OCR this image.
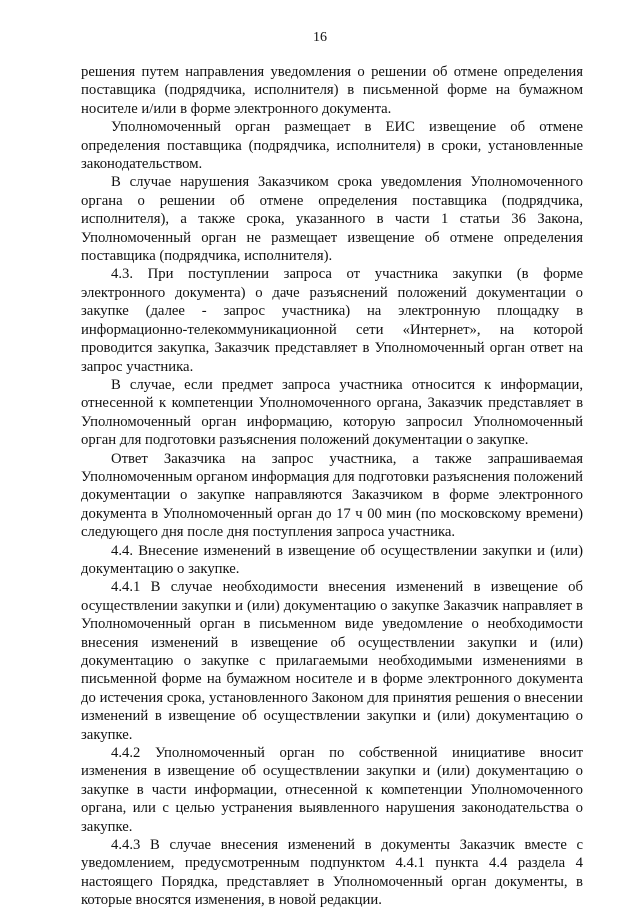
16

решения путем направления уведомления о решении об отмене определения поставщика (подрядчика, исполнителя) в письменной форме на бумажном носителе и/или в форме электронного документа.

Уполномоченный орган размещает в ЕИС извещение об отмене определения поставщика (подрядчика, исполнителя) в сроки, установленные законодательством.

В случае нарушения Заказчиком срока уведомления Уполномоченного органа о решении об отмене определения поставщика (подрядчика, исполнителя), а также срока, указанного в части 1 статьи 36 Закона, Уполномоченный орган не размещает извещение об отмене определения поставщика (подрядчика, исполнителя).

4.3. При поступлении запроса от участника закупки (в форме электронного документа) о даче разъяснений положений документации о закупке (далее - запрос участника) на электронную площадку в информационно-телекоммуникационной сети «Интернет», на которой проводится закупка, Заказчик представляет в Уполномоченный орган ответ на запрос участника.

В случае, если предмет запроса участника относится к информации, отнесенной к компетенции Уполномоченного органа, Заказчик представляет в Уполномоченный орган информацию, которую запросил Уполномоченный орган для подготовки разъяснения положений документации о закупке.

Ответ Заказчика на запрос участника, а также запрашиваемая Уполномоченным органом информация для подготовки разъяснения положений документации о закупке направляются Заказчиком в форме электронного документа в Уполномоченный орган до 17 ч 00 мин (по московскому времени) следующего дня после дня поступления запроса участника.

4.4. Внесение изменений в извещение об осуществлении закупки и (или) документацию о закупке.

4.4.1 В случае необходимости внесения изменений в извещение об осуществлении закупки и (или) документацию о закупке Заказчик направляет в Уполномоченный орган в письменном виде уведомление о необходимости внесения изменений в извещение об осуществлении закупки и (или) документацию о закупке с прилагаемыми необходимыми изменениями в письменной форме на бумажном носителе и в форме электронного документа до истечения срока, установленного Законом для принятия решения о внесении изменений в извещение об осуществлении закупки и (или) документацию о закупке.

4.4.2 Уполномоченный орган по собственной инициативе вносит изменения в извещение об осуществлении закупки и (или) документацию о закупке в части информации, отнесенной к компетенции Уполномоченного органа, или с целью устранения выявленного нарушения законодательства о закупке.

4.4.3 В случае внесения изменений в документы Заказчик вместе с уведомлением, предусмотренным подпунктом 4.4.1 пункта 4.4 раздела 4 настоящего Порядка, представляет в Уполномоченный орган документы, в которые вносятся изменения, в новой редакции.
